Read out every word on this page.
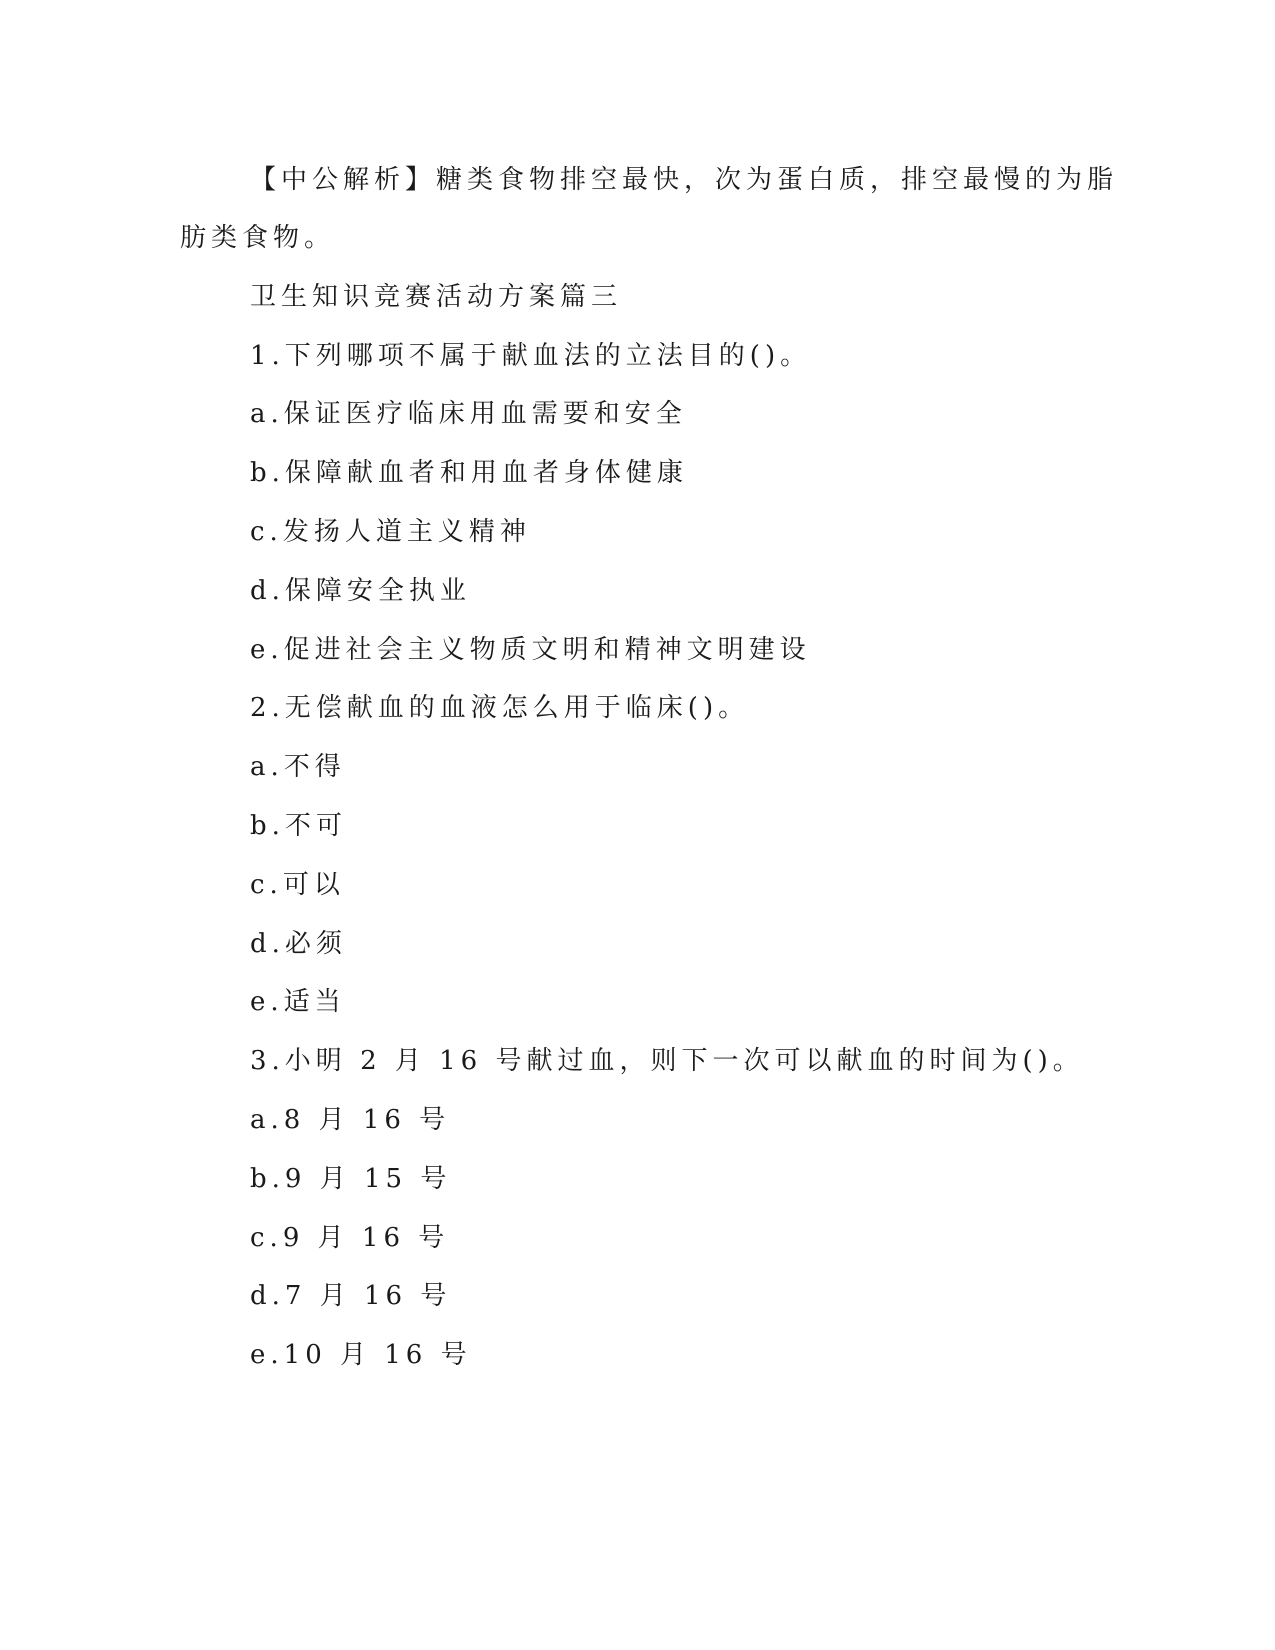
【中公解析】糖类食物排空最快，次为蛋白质，排空最慢的为脂
肪类食物。
卫生知识竞赛活动方案篇三
1.下列哪项不属于献血法的立法目的()。
a.保证医疗临床用血需要和安全
b.保障献血者和用血者身体健康
c.发扬人道主义精神
d.保障安全执业
e.促进社会主义物质文明和精神文明建设
2.无偿献血的血液怎么用于临床()。
a.不得
b.不可
c.可以
d.必须
e.适当
3.小明 2 月 16 号献过血，则下一次可以献血的时间为()。
a.8 月 16 号
b.9 月 15 号
c.9 月 16 号
d.7 月 16 号
e.10 月 16 号
